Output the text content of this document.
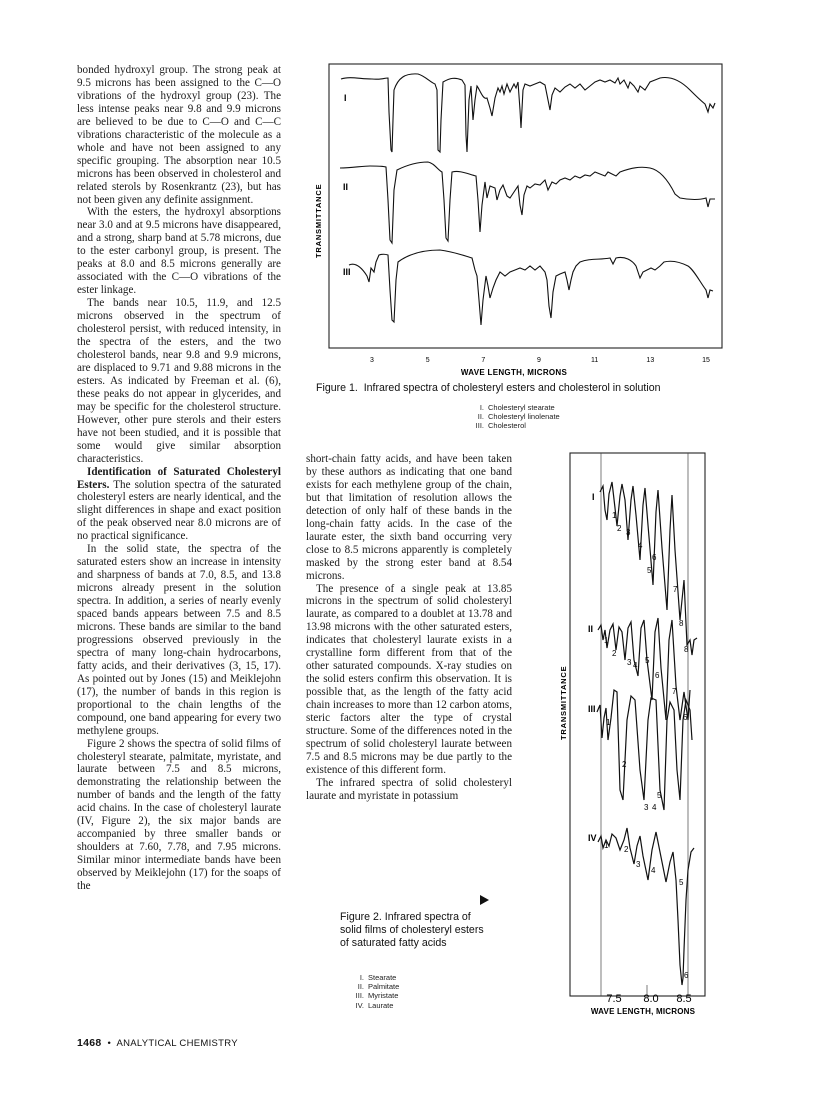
bonded hydroxyl group. The strong peak at 9.5 microns has been assigned to the C—O vibrations of the hydroxyl group (23). The less intense peaks near 9.8 and 9.9 microns are believed to be due to C—O and C—C vibrations characteristic of the molecule as a whole and have not been assigned to any specific grouping. The absorption near 10.5 microns has been observed in cholesterol and related sterols by Rosenkrantz (23), but has not been given any definite assignment.

With the esters, the hydroxyl absorptions near 3.0 and at 9.5 microns have disappeared, and a strong, sharp band at 5.78 microns, due to the ester carbonyl group, is present. The peaks at 8.0 and 8.5 microns generally are associated with the C—O vibrations of the ester linkage.

The bands near 10.5, 11.9, and 12.5 microns observed in the spectrum of cholesterol persist, with reduced intensity, in the spectra of the esters, and the two cholesterol bands, near 9.8 and 9.9 microns, are displaced to 9.71 and 9.88 microns in the esters. As indicated by Freeman et al. (6), these peaks do not appear in glycerides, and may be specific for the cholesterol structure. However, other pure sterols and their esters have not been studied, and it is possible that some would give similar absorption characteristics.

Identification of Saturated Cholesteryl Esters. The solution spectra of the saturated cholesteryl esters are nearly identical, and the slight differences in shape and exact position of the peak observed near 8.0 microns are of no practical significance.

In the solid state, the spectra of the saturated esters show an increase in intensity and sharpness of bands at 7.0, 8.5, and 13.8 microns already present in the solution spectra. In addition, a series of nearly evenly spaced bands appears between 7.5 and 8.5 microns. These bands are similar to the band progressions observed previously in the spectra of many long-chain hydrocarbons, fatty acids, and their derivatives (3, 15, 17). As pointed out by Jones (15) and Meiklejohn (17), the number of bands in this region is proportional to the chain lengths of the compound, one band appearing for every two methylene groups.

Figure 2 shows the spectra of solid films of cholesteryl stearate, palmitate, myristate, and laurate between 7.5 and 8.5 microns, demonstrating the relationship between the number of bands and the length of the fatty acid chains. In the case of cholesteryl laurate (IV, Figure 2), the six major bands are accompanied by three smaller bands or shoulders at 7.60, 7.78, and 7.95 microns. Similar minor intermediate bands have been observed by Meiklejohn (17) for the soaps of the

short-chain fatty acids, and have been taken by these authors as indicating that one band exists for each methylene group of the chain, but that limitation of resolution allows the detection of only half of these bands in the long-chain fatty acids. In the case of the laurate ester, the sixth band occurring very close to 8.5 microns apparently is completely masked by the strong ester band at 8.54 microns.

The presence of a single peak at 13.85 microns in the spectrum of solid cholesteryl laurate, as compared to a doublet at 13.78 and 13.98 microns with the other saturated esters, indicates that cholesteryl laurate exists in a crystalline form different from that of the other saturated compounds. X-ray studies on the solid esters confirm this observation. It is possible that, as the length of the fatty acid chain increases to more than 12 carbon atoms, steric factors alter the type of crystal structure. Some of the differences noted in the spectrum of solid cholesteryl laurate between 7.5 and 8.5 microns may be due partly to the existence of this different form.

The infrared spectra of solid cholesteryl laurate and myristate in potassium

3	5	7	9	11	13	15
TRANSMITTANCE
WAVE LENGTH, MICRONS
I
II
III
Figure 1. Infrared spectra of cholesteryl esters and cholesterol in solution
I. Cholesteryl stearate
II. Cholesteryl linolenate
III. Cholesterol
TRANSMITTANCE
7.5 8.0 8.5
WAVE LENGTH, MICRONS
I
II
III
IV
1
2 3
4
5
6
7
8
1
2
3 4
5
6
7
8
1
2
3 4
5
6
1 2
3
4
5
6
Figure 2. Infrared spectra of solid films of cholesteryl esters of saturated fatty acids
I. Stearate
II. Palmitate
III. Myristate
IV. Laurate
1468 • ANALYTICAL CHEMISTRY
